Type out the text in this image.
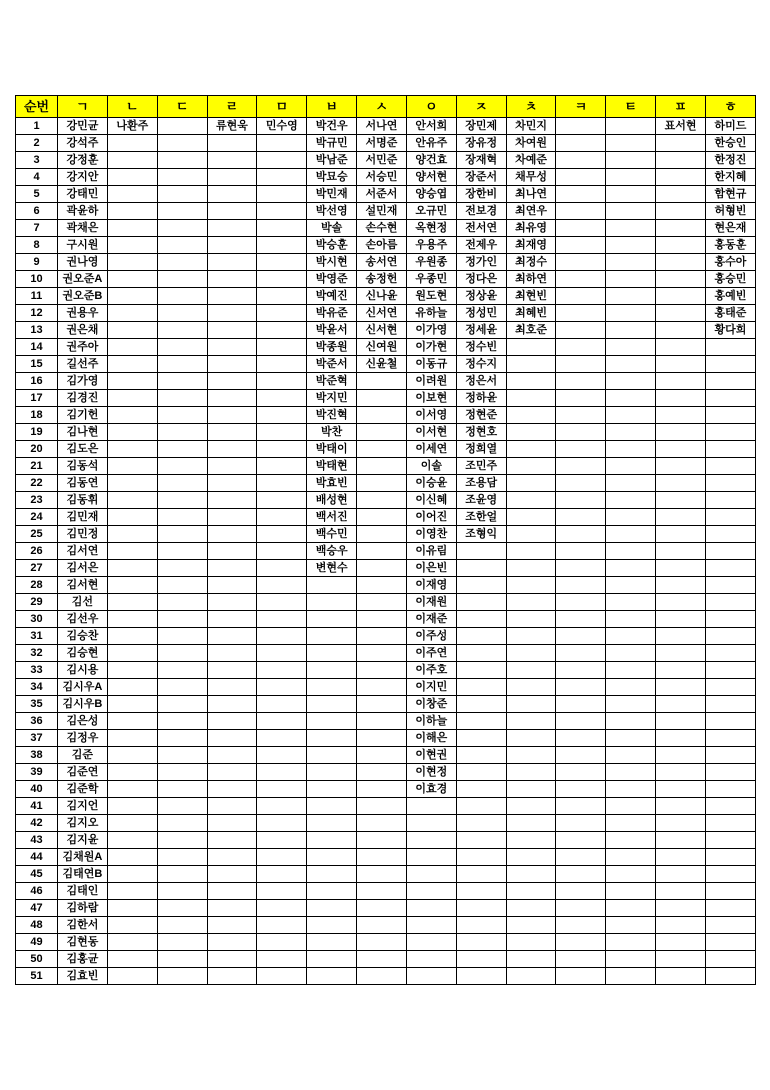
순번	ㄱ	ㄴ	ㄷ	ㄹ	ㅁ	ㅂ	ㅅ	ㅇ	ㅈ	ㅊ	ㅋ	ㅌ	ㅍ	ㅎ
1	강민균	나환주		류현욱	민수영	박건우	서나연	안서희	장민제	차민지			표서현	하미드
2	강석주					박규민	서명준	안유주	장유정	차여원				한승인
3	강정훈					박남준	서민준	양건효	장재혁	차예준				한정진
4	강지안					박묘승	서승민	양서현	장준서	채무성				한지혜
5	강태민					박민재	서준서	양승엽	장한비	최나연				함현규
6	곽윤하					박선영	설민재	오규민	전보경	최연우				허형빈
7	곽채은					박솔	손수현	옥현정	전서연	최유영				현은재
8	구시원					박승훈	손아름	우용주	전제우	최재영				홍동훈
9	권나영					박시현	송서연	우원종	정가인	최정수				홍수아
10	권오준A					박영준	송정헌	우종민	정다은	최하연				홍승민
11	권오준B					박예진	신나윤	원도현	정상윤	최현빈				홍예빈
12	권용우					박유준	신서연	유하늘	정성민	최혜빈				홍태준
13	권은채					박윤서	신서현	이가영	정세윤	최호준				황다희
14	권주아					박종원	신여원	이가현	정수빈					
15	길선주					박준서	신윤철	이동규	정수지					
16	김가영					박준혁		이려원	정은서					
17	김경진					박지민		이보현	정하윤					
18	김기헌					박진혁		이서영	정현준					
19	김나현					박찬		이서현	정현호					
20	김도은					박태이		이세연	정희열					
21	김동석					박태현		이솔	조민주					
22	김동연					박효빈		이승윤	조용담					
23	김동휘					배성현		이신혜	조윤영					
24	김민재					백서진		이어진	조한얼					
25	김민정					백수민		이영찬	조형익					
26	김서연					백승우		이유림						
27	김서은					변현수		이은빈						
28	김서현							이재영						
29	김선							이재원						
30	김선우							이재준						
31	김승찬							이주성						
32	김승현							이주연						
33	김시용							이주호						
34	김시우A							이지민						
35	김시우B							이창준						
36	김은성							이하늘						
37	김정우							이해은						
38	김준							이현권						
39	김준연							이현정						
40	김준학							이효경						
41	김지언													
42	김지오													
43	김지윤													
44	김채원A													
45	김태연B													
46	김태인													
47	김하람													
48	김한서													
49	김현동													
50	김홍균													
51	김효빈													
